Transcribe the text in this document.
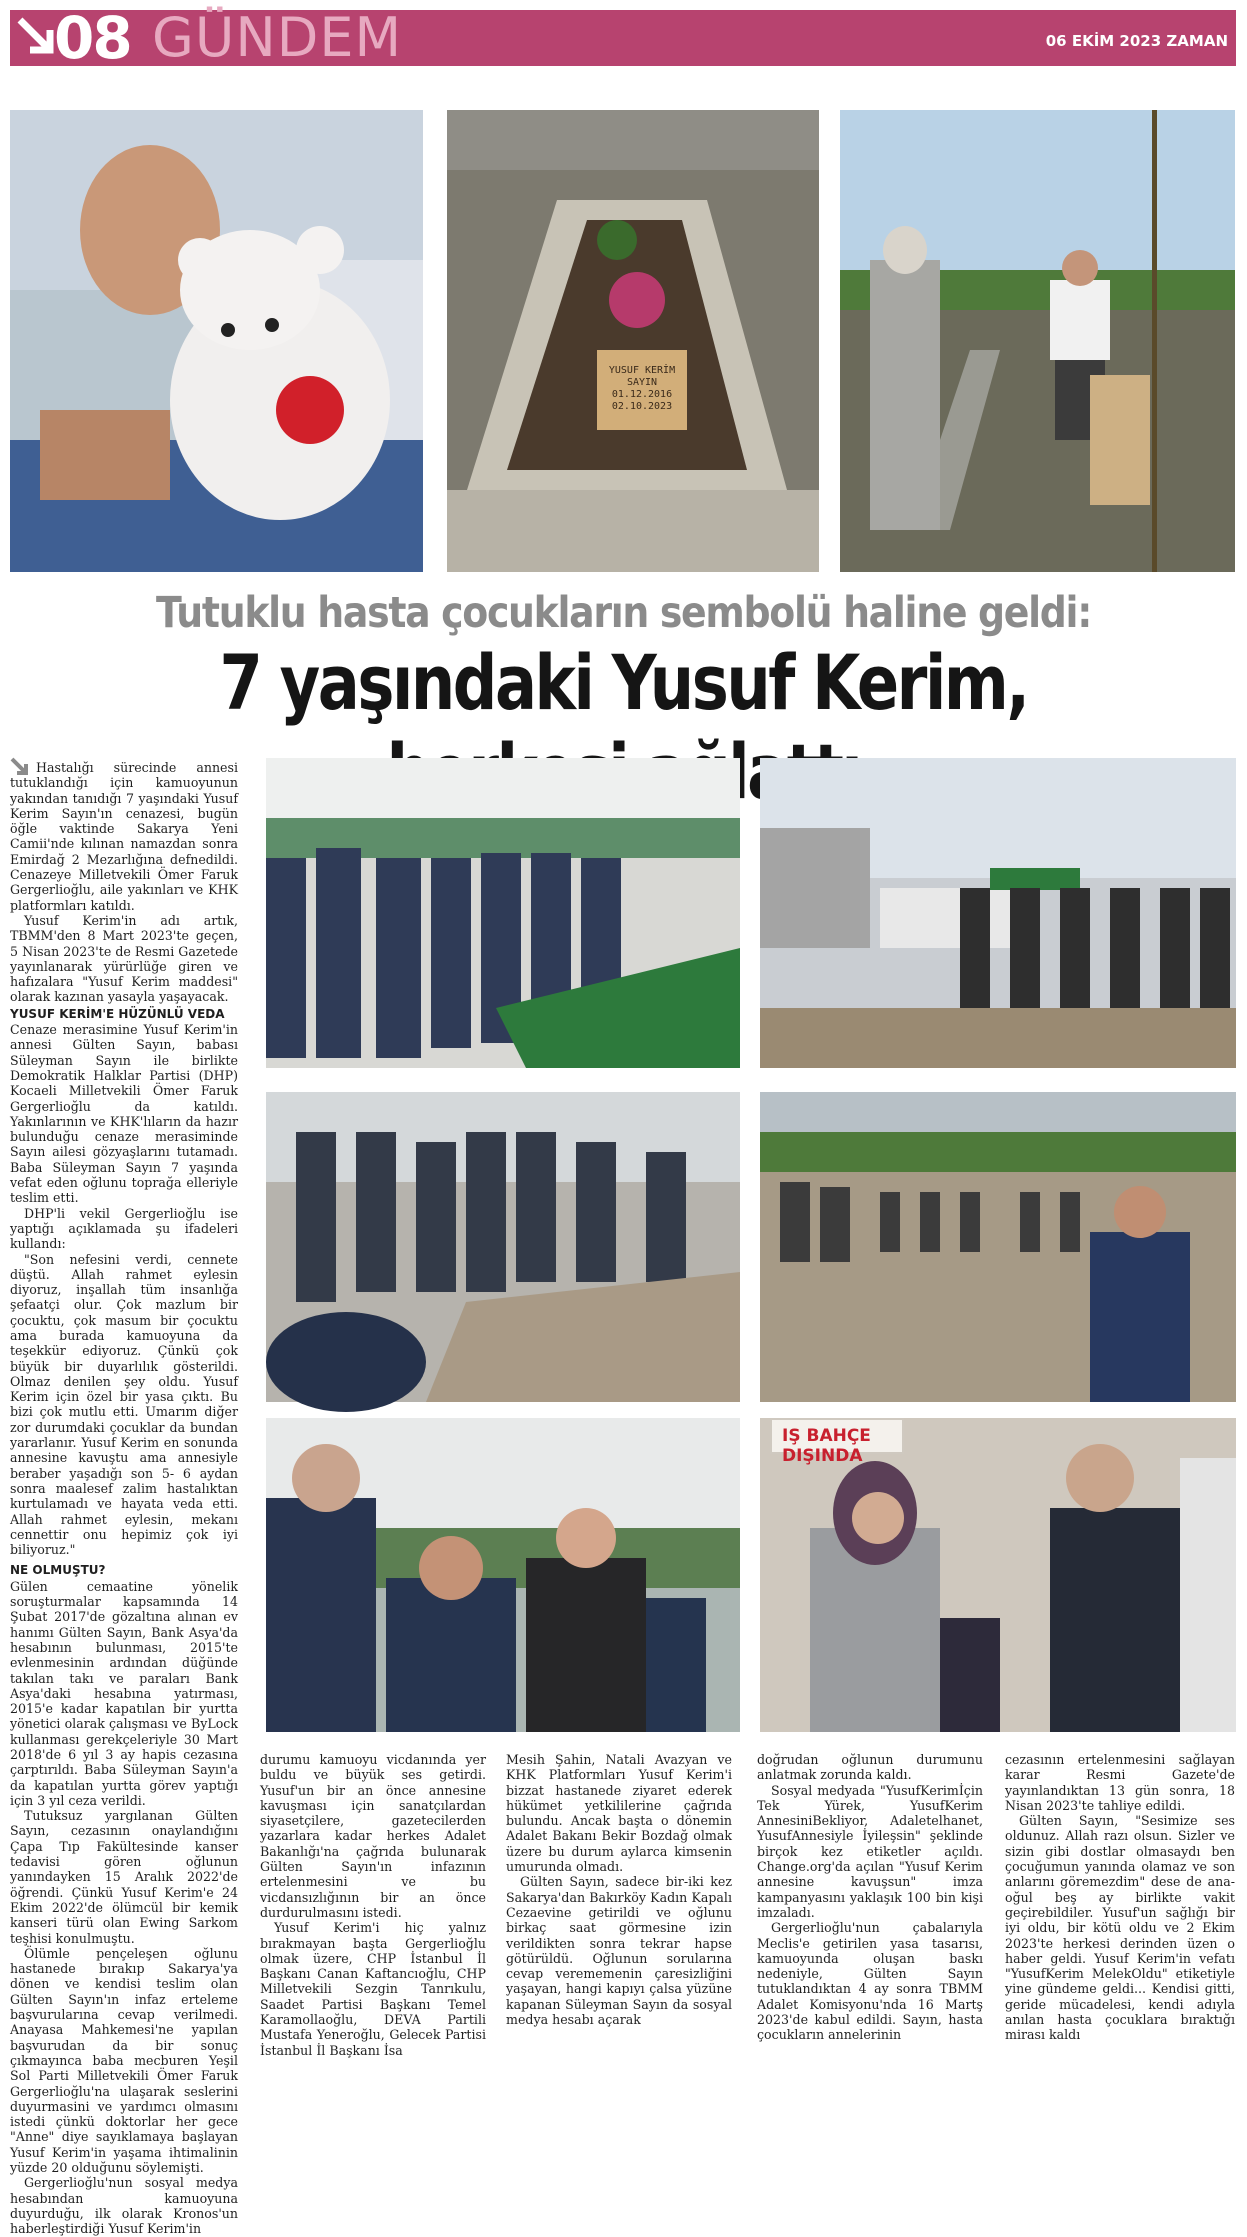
08 GÜNDEM	06 EKİM 2023 ZAMAN
YUSUF KERİM SAYIN
01.12.2016 02.10.2023
Tutuklu hasta çocukların sembolü haline geldi:
7 yaşındaki Yusuf Kerim, ağlattı
IŞ BAHÇE DIŞINDA

Hastalığı sürecinde annesi tutuklandığı için kamuoyunun yakından tanıdığı 7 yaşındaki Yusuf Kerim Sayın'ın cenazesi, bugün öğle vaktinde Sakarya Yeni Camii'nde kılınan namazdan sonra Emirdağ 2 Mezarlığına defnedildi. Cenazeye Milletvekili Ömer Faruk Gergerlioğlu, aile yakınları ve KHK platformları katıldı.

Yusuf Kerim'in adı artık, TBMM'den 8 Mart 2023'te geçen, 5 Nisan 2023'te de Resmi Gazetede yayınlanarak yürürlüğe giren ve hafızalara "Yusuf Kerim maddesi" olarak kazınan yasayla yaşayacak.

YUSUF KERİM'E HÜZÜNLÜ VEDA

Cenaze merasimine Yusuf Kerim'in annesi Gülten Sayın, babası Süleyman Sayın ile birlikte Demokratik Halklar Partisi (DHP) Kocaeli Milletvekili Ömer Faruk Gergerlioğlu da katıldı. Yakınlarının ve KHK'lıların da hazır bulunduğu cenaze merasiminde Sayın ailesi gözyaşlarını tutamadı. Baba Süleyman Sayın 7 yaşında vefat eden oğlunu toprağa elleriyle teslim etti.

DHP'li vekil Gergerlioğlu ise yaptığı açıklamada şu ifadeleri kullandı:

"Son nefesini verdi, cennete düştü. Allah rahmet eylesin diyoruz, inşallah tüm insanlığa şefaatçi olur. Çok mazlum bir çocuktu, çok masum bir çocuktu ama burada kamuoyuna da teşekkür ediyoruz. Çünkü çok büyük bir duyarlılık gösterildi. Olmaz denilen şey oldu. Yusuf Kerim için özel bir yasa çıktı. Bu bizi çok mutlu etti. Umarım diğer zor durumdaki çocuklar da bundan yararlanır. Yusuf Kerim en sonunda annesine kavuştu ama annesiyle beraber yaşadığı son 5- 6 aydan sonra maalesef zalim hastalıktan kurtulamadı ve hayata veda etti. Allah rahmet eylesin, mekanı cennettir onu hepimiz çok iyi biliyoruz."

NE OLMUŞTU?

Gülen cemaatine yönelik soruşturmalar kapsamında 14 Şubat 2017'de gözaltına alınan ev hanımı Gülten Sayın, Bank Asya'da hesabının bulunması, 2015'te evlenmesinin ardından düğünde takılan takı ve paraları Bank Asya'daki hesabına yatırması, 2015'e kadar kapatılan bir yurtta yönetici olarak çalışması ve ByLock kullanması gerekçeleriyle 30 Mart 2018'de 6 yıl 3 ay hapis cezasına çarptırıldı. Baba Süleyman Sayın'a da kapatılan yurtta görev yaptığı için 3 yıl ceza verildi.

Tutuksuz yargılanan Gülten Sayın, cezasının onaylandığını Çapa Tıp Fakültesinde kanser tedavisi gören oğlunun yanındayken 15 Aralık 2022'de öğrendi. Çünkü Yusuf Kerim'e 24 Ekim 2022'de ölümcül bir kemik kanseri türü olan Ewing Sarkom teşhisi konulmuştu.

Ölümle pençeleşen oğlunu hastanede bırakıp Sakarya'ya dönen ve kendisi teslim olan Gülten Sayın'ın infaz erteleme başvurularına cevap verilmedi. Anayasa Mahkemesi'ne yapılan başvurudan da bir sonuç çıkmayınca baba mecburen Yeşil Sol Parti Milletvekili Ömer Faruk Gergerlioğlu'na ulaşarak seslerini duyurmasini ve yardımcı olmasını istedi çünkü doktorlar her gece "Anne" diye sayıklamaya başlayan Yusuf Kerim'in yaşama ihtimalinin yüzde 20 olduğunu söylemişti.

Gergerlioğlu'nun sosyal medya hesabından kamuoyuna duyurduğu, ilk olarak Kronos'un haberleştirdiği Yusuf Kerim'in

durumu kamuoyu vicdanında yer buldu ve büyük ses getirdi. Yusuf'un bir an önce annesine kavuşması için sanatçılardan siyasetçilere, gazetecilerden yazarlara kadar herkes Adalet Bakanlığı'na çağrıda bulunarak Gülten Sayın'ın infazının ertelenmesini ve bu vicdansızlığının bir an önce durdurulmasını istedi.

Yusuf Kerim'i hiç yalnız bırakmayan başta Gergerlioğlu olmak üzere, CHP İstanbul İl Başkanı Canan Kaftancıoğlu, CHP Milletvekili Sezgin Tanrıkulu, Saadet Partisi Başkanı Temel Karamollaoğlu, DEVA Partili Mustafa Yeneroğlu, Gelecek Partisi İstanbul İl Başkanı İsa

Mesih Şahin, Natali Avazyan ve KHK Platformları Yusuf Kerim'i bizzat hastanede ziyaret ederek hükümet yetkililerine çağrıda bulundu. Ancak başta o dönemin Adalet Bakanı Bekir Bozdağ olmak üzere bu durum aylarca kimsenin umurunda olmadı.

Gülten Sayın, sadece bir-iki kez Sakarya'dan Bakırköy Kadın Kapalı Cezaevine getirildi ve oğlunu birkaç saat görmesine izin verildikten sonra tekrar hapse götürüldü. Oğlunun sorularına cevap verememenin çaresizliğini yaşayan, hangi kapıyı çalsa yüzüne kapanan Süleyman Sayın da sosyal medya hesabı açarak

doğrudan oğlunun durumunu anlatmak zorunda kaldı.

Sosyal medyada "YusufKerimİçin Tek Yürek, YusufKerim AnnesiniBekliyor, Adaletelhanet, YusufAnnesiyle İyileşsin" şeklinde birçok kez etiketler açıldı. Change.org'da açılan "Yusuf Kerim annesine kavuşsun" imza kampanyasını yaklaşık 100 bin kişi imzaladı.

Gergerlioğlu'nun çabalarıyla Meclis'e getirilen yasa tasarısı, kamuoyunda oluşan baskı nedeniyle, Gülten Sayın tutuklandıktan 4 ay sonra TBMM Adalet Komisyonu'nda 16 Martş 2023'de kabul edildi. Sayın, hasta çocukların annelerinin

cezasının ertelenmesini sağlayan karar Resmi Gazete'de yayınlandıktan 13 gün sonra, 18 Nisan 2023'te tahliye edildi.

Gülten Sayın, "Sesimize ses oldunuz. Allah razı olsun. Sizler ve sizin gibi dostlar olmasaydı ben çocuğumun yanında olamaz ve son anlarını göremezdim" dese de ana-oğul beş ay birlikte vakit geçirebildiler. Yusuf'un sağlığı bir iyi oldu, bir kötü oldu ve 2 Ekim 2023'te herkesi derinden üzen o haber geldi. Yusuf Kerim'in vefatı "YusufKerim MelekOldu" etiketiyle yine gündeme geldi... Kendisi gitti, geride mücadelesi, kendi adıyla anılan hasta çocuklara bıraktığı mirası kaldı
